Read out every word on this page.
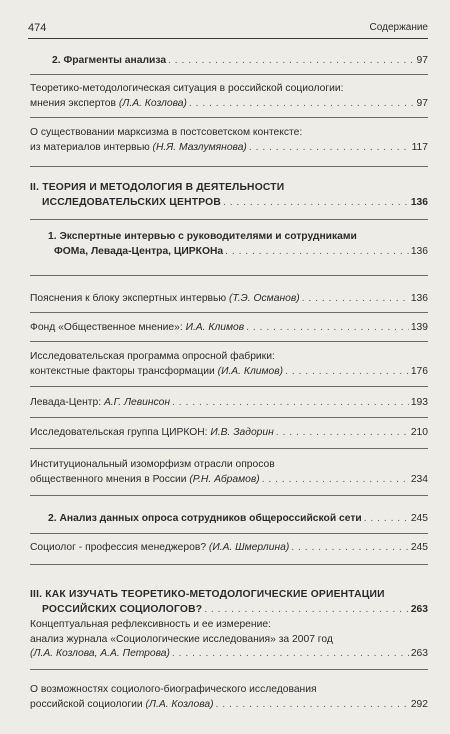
474	Содержание
2. Фрагменты анализа . . .	97
Теоретико-методологическая ситуация в российской социологии:
мнения экспертов (Л.А. Козлова) . . .	97
О существовании марксизма в постсоветском контексте:
из материалов интервью (Н.Я. Мазлумянова) . . .	117
II. ТЕОРИЯ И МЕТОДОЛОГИЯ В ДЕЯТЕЛЬНОСТИ
ИССЛЕДОВАТЕЛЬСКИХ ЦЕНТРОВ . . .	136
1. Экспертные интервью с руководителями и сотрудниками
ФОМа, Левада-Центра, ЦИРКОНа . . .	136
Пояснения к блоку экспертных интервью (Т.Э. Османов) . . .	136
Фонд «Общественное мнение»: И.А. Климов . . .	139
Исследовательская программа опросной фабрики:
контекстные факторы трансформации (И.А. Климов) . . .	176
Левада-Центр: А.Г. Левинсон . . .	193
Исследовательская группа ЦИРКОН: И.В. Задорин . . .	210
Институциональный изоморфизм отрасли опросов
общественного мнения в России (Р.Н. Абрамов) . . .	234
2. Анализ данных опроса сотрудников общероссийской сети . . .	245
Социолог - профессия менеджеров? (И.А. Шмерлина) . . .	245
III. КАК ИЗУЧАТЬ ТЕОРЕТИКО-МЕТОДОЛОГИЧЕСКИЕ ОРИЕНТАЦИИ
РОССИЙСКИХ СОЦИОЛОГОВ? . . .	263
Концептуальная рефлексивность и ее измерение:
анализ журнала «Социологические исследования» за 2007 год
(Л.А. Козлова, А.А. Петрова) . . .	263
О возможностях социолого-биографического исследования
российской социологии (Л.А. Козлова) . . .	292
